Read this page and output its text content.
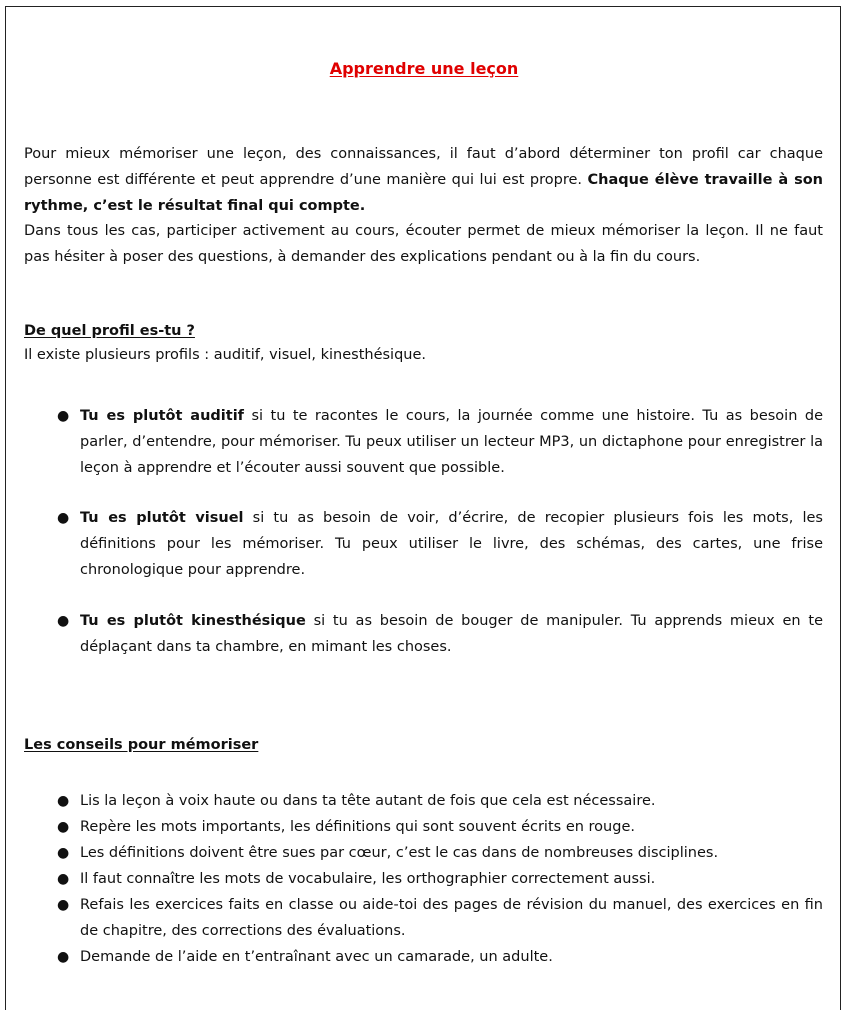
Apprendre une leçon

Pour mieux mémoriser une leçon, des connaissances, il faut d’abord déterminer ton profil car chaque personne est différente et peut apprendre d’une manière qui lui est propre. Chaque élève travaille à son rythme, c’est le résultat final qui compte.

Dans tous les cas, participer activement au cours, écouter permet de mieux mémoriser la leçon. Il ne faut pas hésiter à poser des questions, à demander des explications pendant ou à la fin du cours.

De quel profil es-tu ?

Il existe plusieurs profils : auditif, visuel, kinesthésique.

● Tu es plutôt auditif si tu te racontes le cours, la journée comme une histoire. Tu as besoin de parler, d’entendre, pour mémoriser. Tu peux utiliser un lecteur MP3, un dictaphone pour enregistrer la leçon à apprendre et l’écouter aussi souvent que possible.
● Tu es plutôt visuel si tu as besoin de voir, d’écrire, de recopier plusieurs fois les mots, les définitions pour les mémoriser. Tu peux utiliser le livre, des schémas, des cartes, une frise chronologique pour apprendre.
● Tu es plutôt kinesthésique si tu as besoin de bouger de manipuler. Tu apprends mieux en te déplaçant dans ta chambre, en mimant les choses.
Les conseils pour mémoriser
● Lis la leçon à voix haute ou dans ta tête autant de fois que cela est nécessaire.
● Repère les mots importants, les définitions qui sont souvent écrits en rouge.
● Les définitions doivent être sues par cœur, c’est le cas dans de nombreuses disciplines.
● Il faut connaître les mots de vocabulaire, les orthographier correctement aussi.
● Refais les exercices faits en classe ou aide-toi des pages de révision du manuel, des exercices en fin de chapitre, des corrections des évaluations.
● Demande de l’aide en t’entraînant avec un camarade, un adulte.
